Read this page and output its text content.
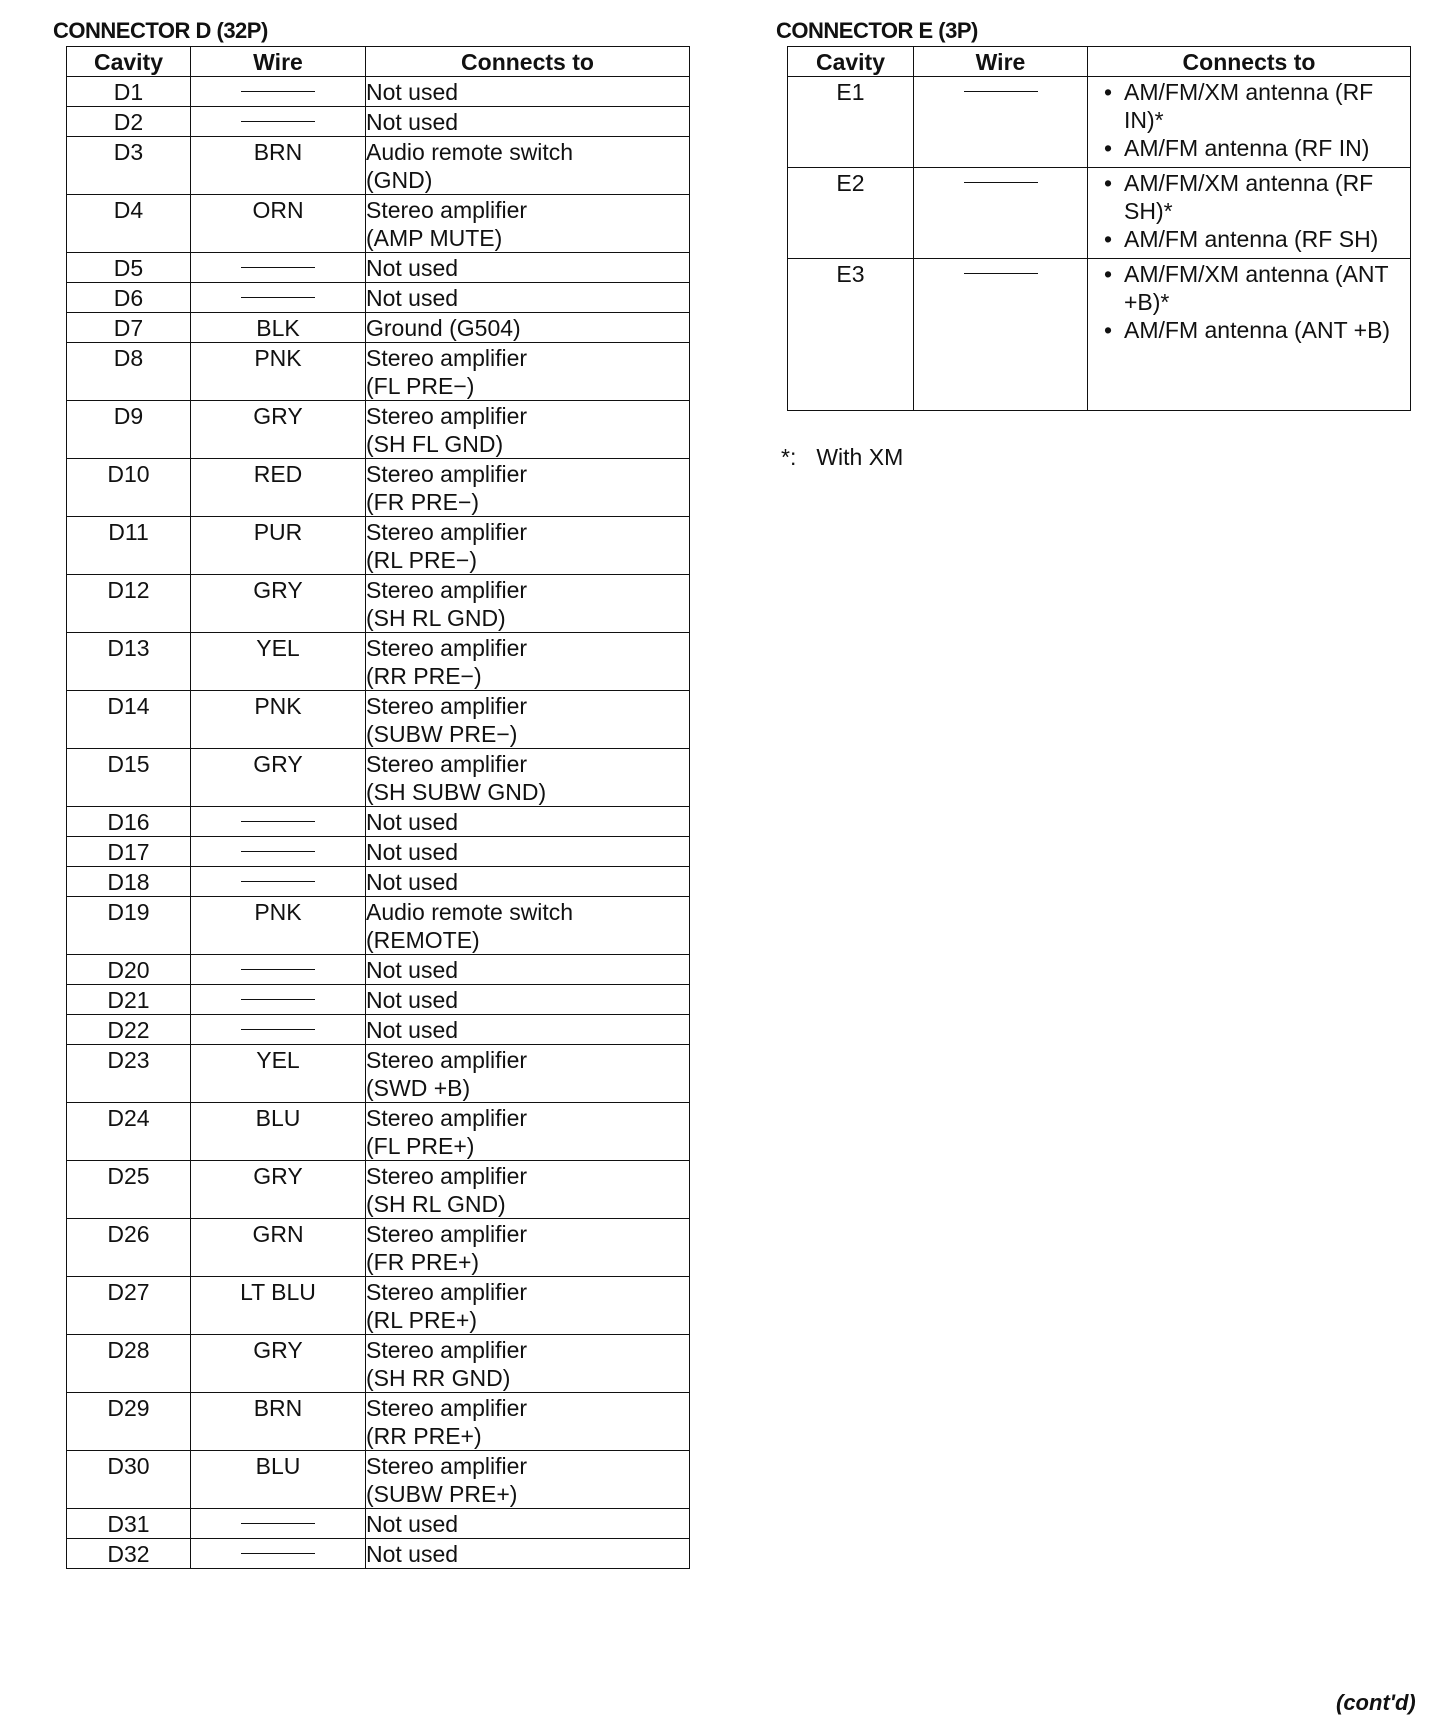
CONNECTOR D (32P)
Cavity	Wire	Connects to
D1		Not used

D2		Not used

D3	BRN	Audio remote switch
(GND)

D4	ORN	Stereo amplifier
(AMP MUTE)

D5		Not used

D6		Not used

D7	BLK	Ground (G504)

D8	PNK	Stereo amplifier
(FL PRE−)

D9	GRY	Stereo amplifier
(SH FL GND)

D10	RED	Stereo amplifier
(FR PRE−)

D11	PUR	Stereo amplifier
(RL PRE−)

D12	GRY	Stereo amplifier
(SH RL GND)

D13	YEL	Stereo amplifier
(RR PRE−)

D14	PNK	Stereo amplifier
(SUBW PRE−)

D15	GRY	Stereo amplifier
(SH SUBW GND)

D16		Not used

D17		Not used

D18		Not used

D19	PNK	Audio remote switch
(REMOTE)

D20		Not used

D21		Not used

D22		Not used

D23	YEL	Stereo amplifier
(SWD +B)

D24	BLU	Stereo amplifier
(FL PRE+)

D25	GRY	Stereo amplifier
(SH RL GND)

D26	GRN	Stereo amplifier
(FR PRE+)

D27	LT BLU	Stereo amplifier
(RL PRE+)

D28	GRY	Stereo amplifier
(SH RR GND)

D29	BRN	Stereo amplifier
(RR PRE+)

D30	BLU	Stereo amplifier
(SUBW PRE+)

D31		Not used

D32		Not used
CONNECTOR E (3P)
Cavity	Wire	Connects to
E1		• AM/FM/XM antenna (RF IN)*
• AM/FM antenna (RF IN)

E2		• AM/FM/XM antenna (RF SH)*
• AM/FM antenna (RF SH)

E3		• AM/FM/XM antenna (ANT +B)*
• AM/FM antenna (ANT +B)
*: With XM
(cont'd)
